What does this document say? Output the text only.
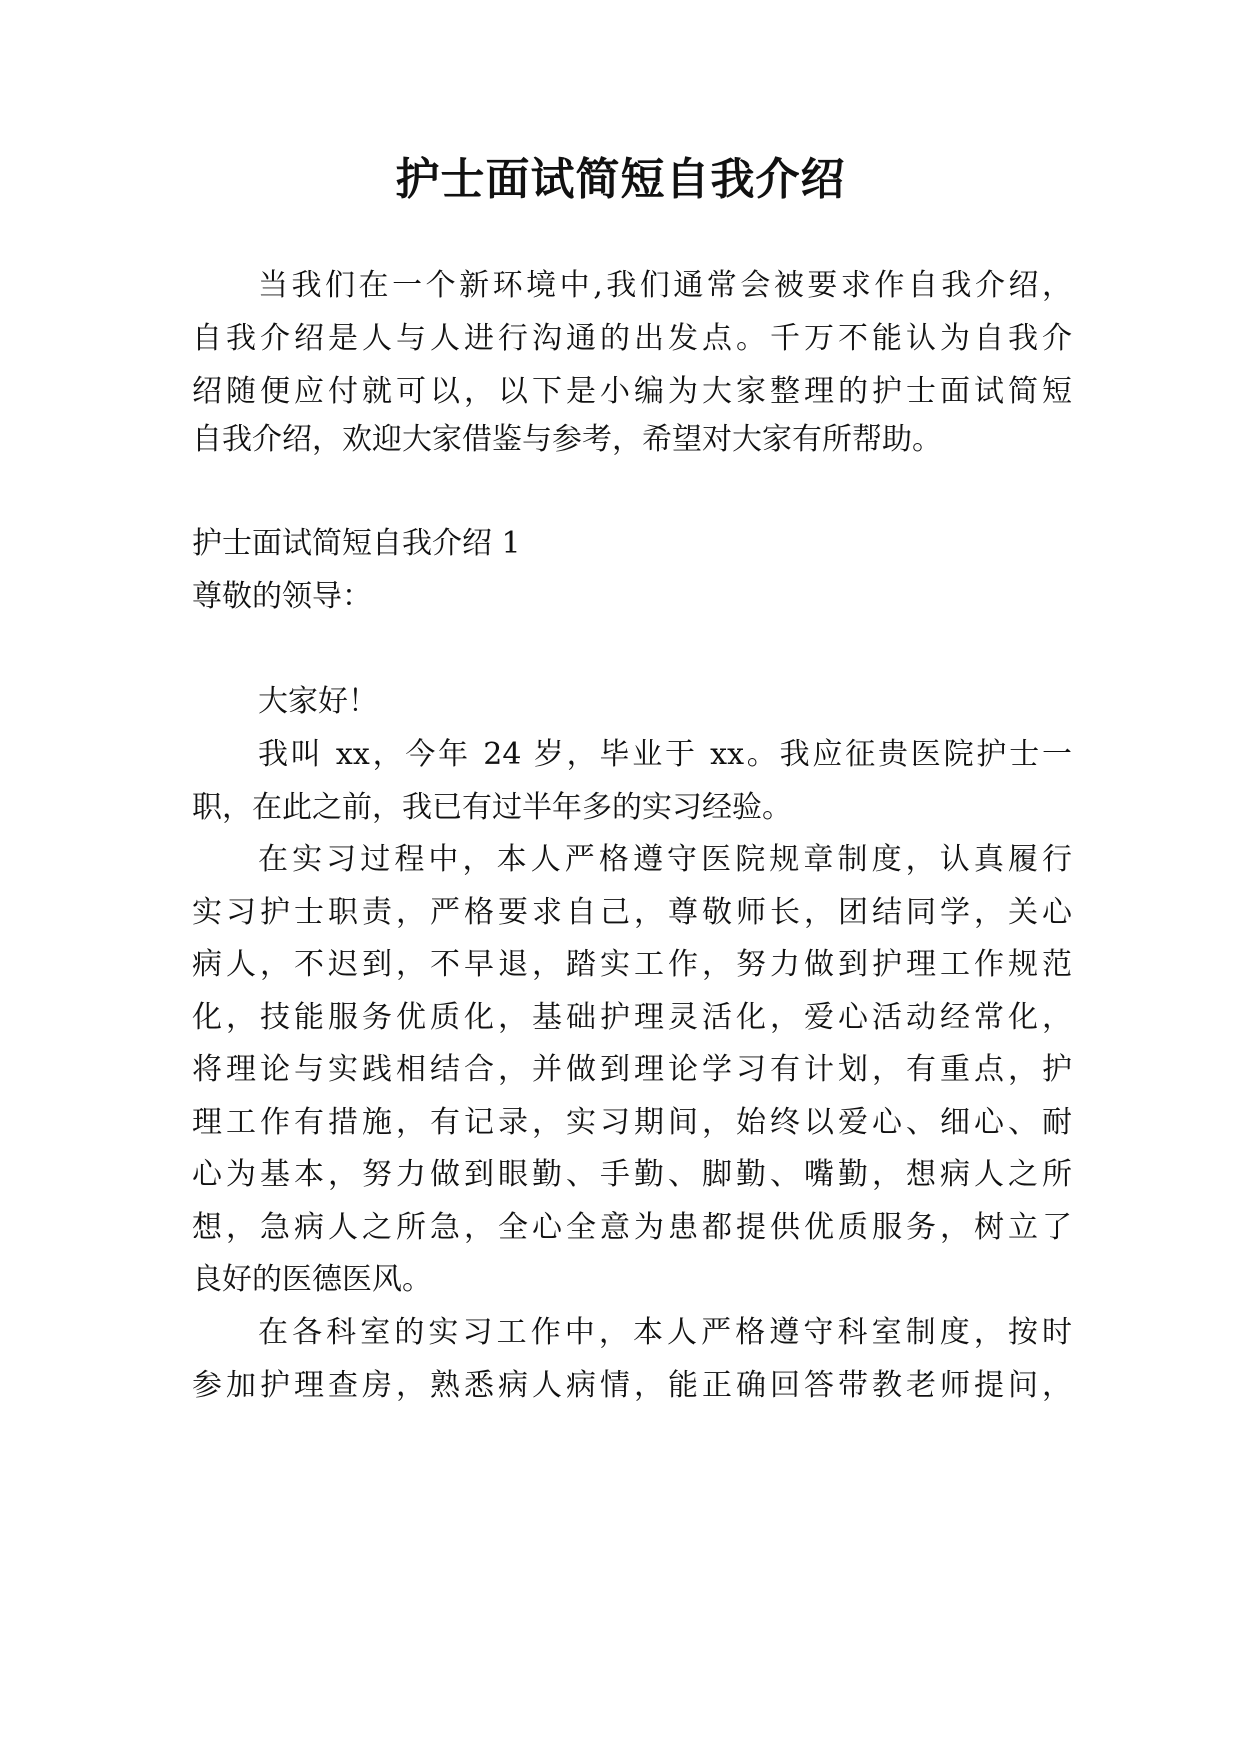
护士面试简短自我介绍

当我们在一个新环境中,我们通常会被要求作自我介绍，

自我介绍是人与人进行沟通的出发点。千万不能认为自我介

绍随便应付就可以，以下是小编为大家整理的护士面试简短

自我介绍，欢迎大家借鉴与参考，希望对大家有所帮助。

护士面试简短自我介绍 1

尊敬的领导：

大家好！

我叫 xx，今年 24 岁，毕业于 xx。我应征贵医院护士一

职，在此之前，我已有过半年多的实习经验。

在实习过程中，本人严格遵守医院规章制度，认真履行

实习护士职责，严格要求自己，尊敬师长，团结同学，关心

病人，不迟到，不早退，踏实工作，努力做到护理工作规范

化，技能服务优质化，基础护理灵活化，爱心活动经常化，

将理论与实践相结合，并做到理论学习有计划，有重点，护

理工作有措施，有记录，实习期间，始终以爱心、细心、耐

心为基本，努力做到眼勤、手勤、脚勤、嘴勤，想病人之所

想，急病人之所急，全心全意为患都提供优质服务，树立了

良好的医德医风。

在各科室的实习工作中，本人严格遵守科室制度，按时

参加护理查房，熟悉病人病情，能正确回答带教老师提问，
